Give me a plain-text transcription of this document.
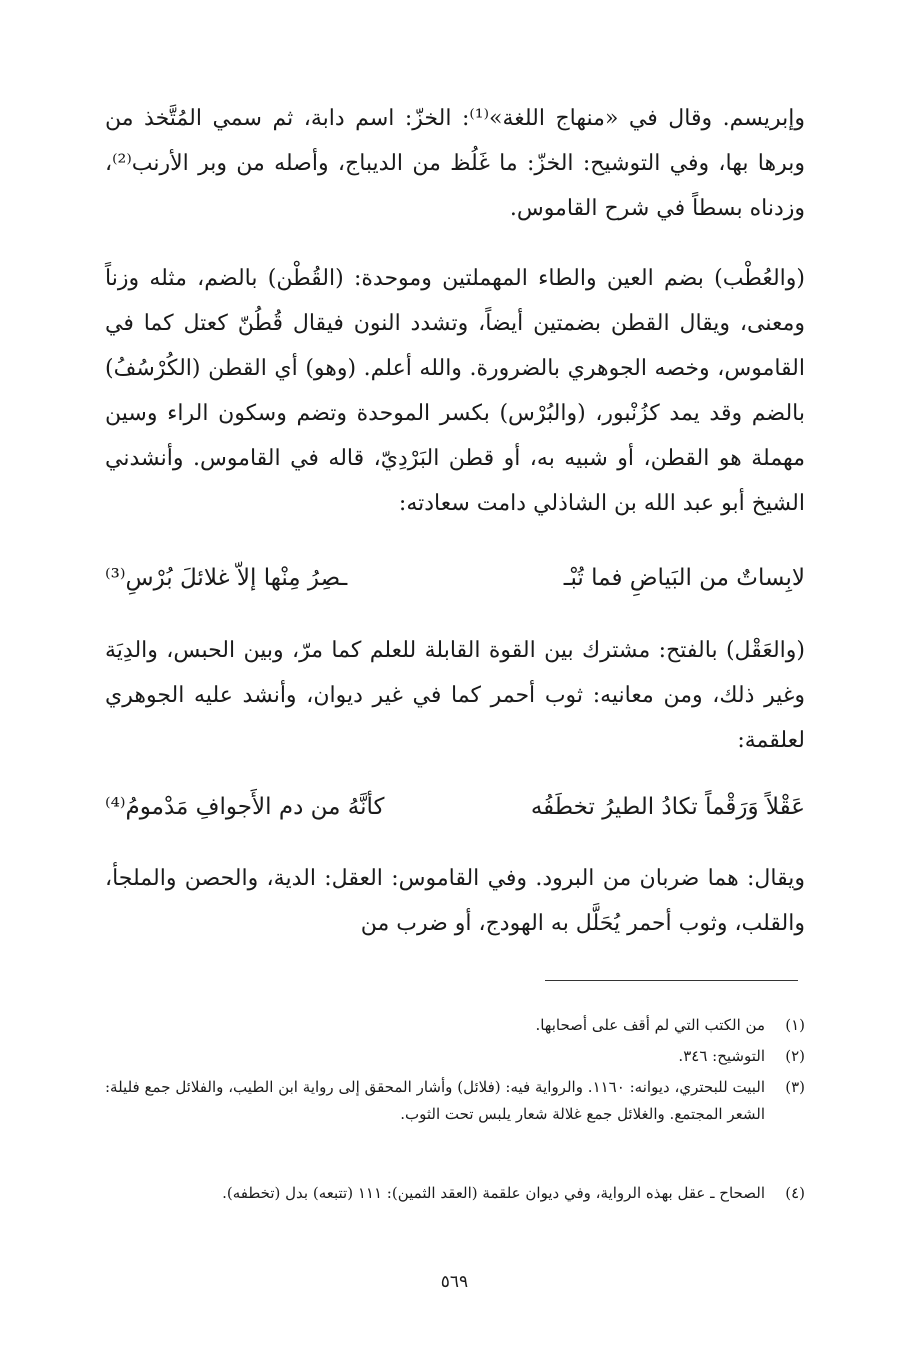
وإبريسم. وقال في «منهاج اللغة»⁽¹⁾: الخزّ: اسم دابة، ثم سمي المُتَّخذ من وبرها بها، وفي التوشيح: الخزّ: ما غَلُظ من الديباج، وأصله من وبر الأرنب⁽²⁾، وزدناه بسطاً في شرح القاموس.

(والعُطْب) بضم العين والطاء المهملتين وموحدة: (القُطْن) بالضم، مثله وزناً ومعنى، ويقال القطن بضمتين أيضاً، وتشدد النون فيقال قُطُنّ كعتل كما في القاموس، وخصه الجوهري بالضرورة. والله أعلم. (وهو) أي القطن (الكُرْسُفُ) بالضم وقد يمد كزُنْبور، (والبُرْس) بكسر الموحدة وتضم وسكون الراء وسين مهملة هو القطن، أو شبيه به، أو قطن البَرْدِيّ، قاله في القاموس. وأنشدني الشيخ أبو عبد الله بن الشاذلي دامت سعادته:

لابِساتٌ من البَياضِ فما تُبْـ
ـصِرُ مِنْها إلاّ غلائلَ بُرْسِ⁽³⁾

(والعَقْل) بالفتح: مشترك بين القوة القابلة للعلم كما مرّ، وبين الحبس، والدِيَة وغير ذلك، ومن معانيه: ثوب أحمر كما في غير ديوان، وأنشد عليه الجوهري لعلقمة:

عَقْلاً وَرَقْماً تكادُ الطيرُ تخطَفُه
كأنَّهُ من دم الأَجوافِ مَدْمومُ⁽⁴⁾

ويقال: هما ضربان من البرود. وفي القاموس: العقل: الدية، والحصن والملجأ، والقلب، وثوب أحمر يُحَلَّل به الهودج، أو ضرب من

(١)
من الكتب التي لم أقف على أصحابها.
(٢)
التوشيح: ٣٤٦.
(٣)
البيت للبحتري، ديوانه: ١١٦٠. والرواية فيه: (فلائل) وأشار المحقق إلى رواية ابن الطيب، والفلائل جمع فليلة: الشعر المجتمع. والغلائل جمع غلالة شعار يلبس تحت الثوب.
(٤)
الصحاح ـ عقل بهذه الرواية، وفي ديوان علقمة (العقد الثمين): ١١١ (تتبعه) بدل (تخطفه).
٥٦٩
